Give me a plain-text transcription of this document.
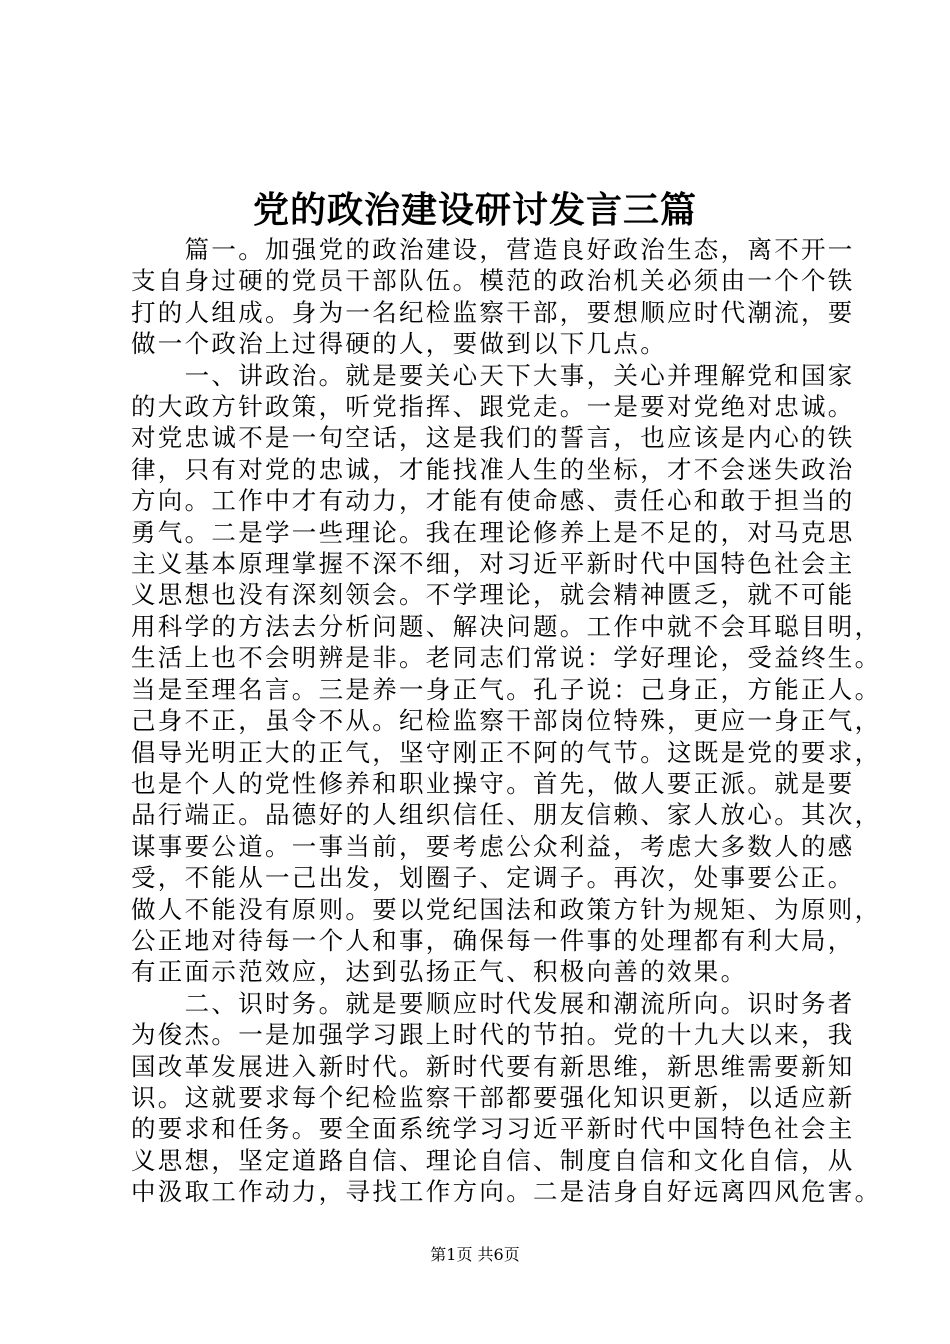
党的政治建设研讨发言三篇
　　篇一。加强党的政治建设，营造良好政治生态，离不开一
支自身过硬的党员干部队伍。模范的政治机关必须由一个个铁
打的人组成。身为一名纪检监察干部，要想顺应时代潮流，要
做一个政治上过得硬的人，要做到以下几点。
　　一、讲政治。就是要关心天下大事，关心并理解党和国家
的大政方针政策，听党指挥、跟党走。一是要对党绝对忠诚。
对党忠诚不是一句空话，这是我们的誓言，也应该是内心的铁
律，只有对党的忠诚，才能找准人生的坐标，才不会迷失政治
方向。工作中才有动力，才能有使命感、责任心和敢于担当的
勇气。二是学一些理论。我在理论修养上是不足的，对马克思
主义基本原理掌握不深不细，对习近平新时代中国特色社会主
义思想也没有深刻领会。不学理论，就会精神匮乏，就不可能
用科学的方法去分析问题、解决问题。工作中就不会耳聪目明，
生活上也不会明辨是非。老同志们常说：学好理论，受益终生。
当是至理名言。三是养一身正气。孔子说：己身正，方能正人。
己身不正，虽令不从。纪检监察干部岗位特殊，更应一身正气，
倡导光明正大的正气，坚守刚正不阿的气节。这既是党的要求，
也是个人的党性修养和职业操守。首先，做人要正派。就是要
品行端正。品德好的人组织信任、朋友信赖、家人放心。其次，
谋事要公道。一事当前，要考虑公众利益，考虑大多数人的感
受，不能从一己出发，划圈子、定调子。再次，处事要公正。
做人不能没有原则。要以党纪国法和政策方针为规矩、为原则，
公正地对待每一个人和事，确保每一件事的处理都有利大局，
有正面示范效应，达到弘扬正气、积极向善的效果。
　　二、识时务。就是要顺应时代发展和潮流所向。识时务者
为俊杰。一是加强学习跟上时代的节拍。党的十九大以来，我
国改革发展进入新时代。新时代要有新思维，新思维需要新知
识。这就要求每个纪检监察干部都要强化知识更新，以适应新
的要求和任务。要全面系统学习习近平新时代中国特色社会主
义思想，坚定道路自信、理论自信、制度自信和文化自信，从
中汲取工作动力，寻找工作方向。二是洁身自好远离四风危害。
第1页 共6页
